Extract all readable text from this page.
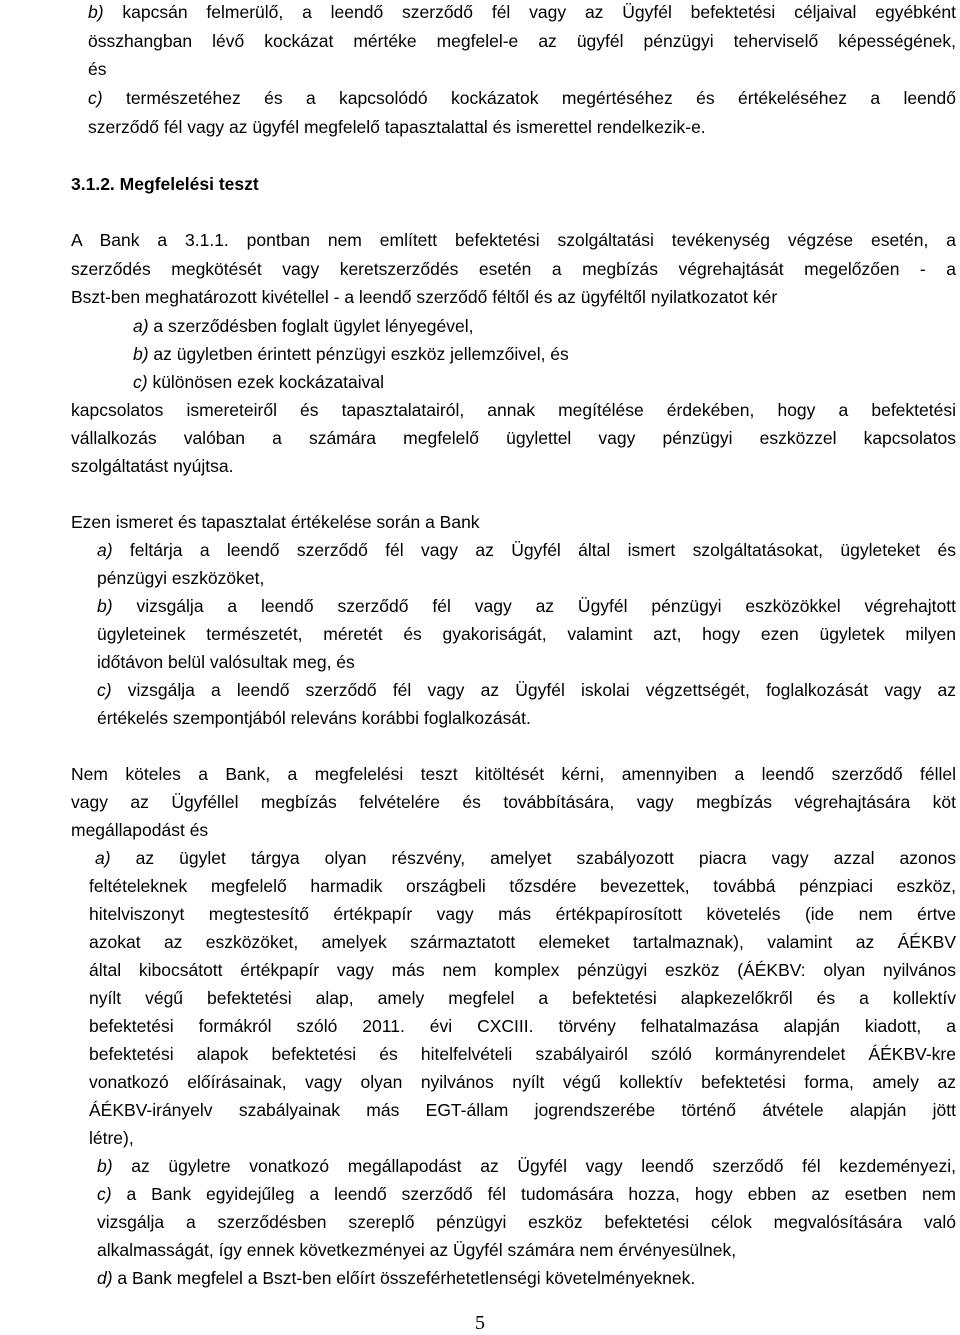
b) kapcsán felmerülő, a leendő szerződő fél vagy az Ügyfél befektetési céljaival egyébként
összhangban lévő kockázat mértéke megfelel-e az ügyfél pénzügyi teherviselő képességének,
és
c) természetéhez és a kapcsolódó kockázatok megértéséhez és értékeléséhez a leendő
szerződő fél vagy az ügyfél megfelelő tapasztalattal és ismerettel rendelkezik-e.
3.1.2. Megfelelési teszt
A Bank a 3.1.1. pontban nem említett befektetési szolgáltatási tevékenység végzése esetén, a
szerződés megkötését vagy keretszerződés esetén a megbízás végrehajtását megelőzően - a
Bszt-ben meghatározott kivétellel - a leendő szerződő féltől és az ügyféltől nyilatkozatot kér
a) a szerződésben foglalt ügylet lényegével,
b) az ügyletben érintett pénzügyi eszköz jellemzőivel, és
c) különösen ezek kockázataival
kapcsolatos ismereteiről és tapasztalatairól, annak megítélése érdekében, hogy a befektetési
vállalkozás valóban a számára megfelelő ügylettel vagy pénzügyi eszközzel kapcsolatos
szolgáltatást nyújtsa.
Ezen ismeret és tapasztalat értékelése során a Bank
a) feltárja a leendő szerződő fél vagy az Ügyfél által ismert szolgáltatásokat, ügyleteket és
pénzügyi eszközöket,
b) vizsgálja a leendő szerződő fél vagy az Ügyfél pénzügyi eszközökkel végrehajtott
ügyleteinek természetét, méretét és gyakoriságát, valamint azt, hogy ezen ügyletek milyen
időtávon belül valósultak meg, és
c) vizsgálja a leendő szerződő fél vagy az Ügyfél iskolai végzettségét, foglalkozását vagy az
értékelés szempontjából releváns korábbi foglalkozását.
Nem köteles a Bank, a megfelelési teszt kitöltését kérni, amennyiben a leendő szerződő féllel
vagy az Ügyféllel megbízás felvételére és továbbítására, vagy megbízás végrehajtására köt
megállapodást és
a) az ügylet tárgya olyan részvény, amelyet szabályozott piacra vagy azzal azonos
feltételeknek megfelelő harmadik országbeli tőzsdére bevezettek, továbbá pénzpiaci eszköz,
hitelviszonyt megtestesítő értékpapír vagy más értékpapírosított követelés (ide nem értve
azokat az eszközöket, amelyek származtatott elemeket tartalmaznak), valamint az ÁÉKBV
által kibocsátott értékpapír vagy más nem komplex pénzügyi eszköz (ÁÉKBV: olyan nyilvános
nyílt végű befektetési alap, amely megfelel a befektetési alapkezelőkről és a kollektív
befektetési formákról szóló 2011. évi CXCIII. törvény felhatalmazása alapján kiadott, a
befektetési alapok befektetési és hitelfelvételi szabályairól szóló kormányrendelet ÁÉKBV-kre
vonatkozó előírásainak, vagy olyan nyilvános nyílt végű kollektív befektetési forma, amely az
ÁÉKBV-irányelv szabályainak más EGT-állam jogrendszerébe történő átvétele alapján jött
létre),
b) az ügyletre vonatkozó megállapodást az Ügyfél vagy leendő szerződő fél kezdeményezi,
c) a Bank egyidejűleg a leendő szerződő fél tudomására hozza, hogy ebben az esetben nem
vizsgálja a szerződésben szereplő pénzügyi eszköz befektetési célok megvalósítására való
alkalmasságát, így ennek következményei az Ügyfél számára nem érvényesülnek,
d) a Bank megfelel a Bszt-ben előírt összeférhetetlenségi követelményeknek.
5
